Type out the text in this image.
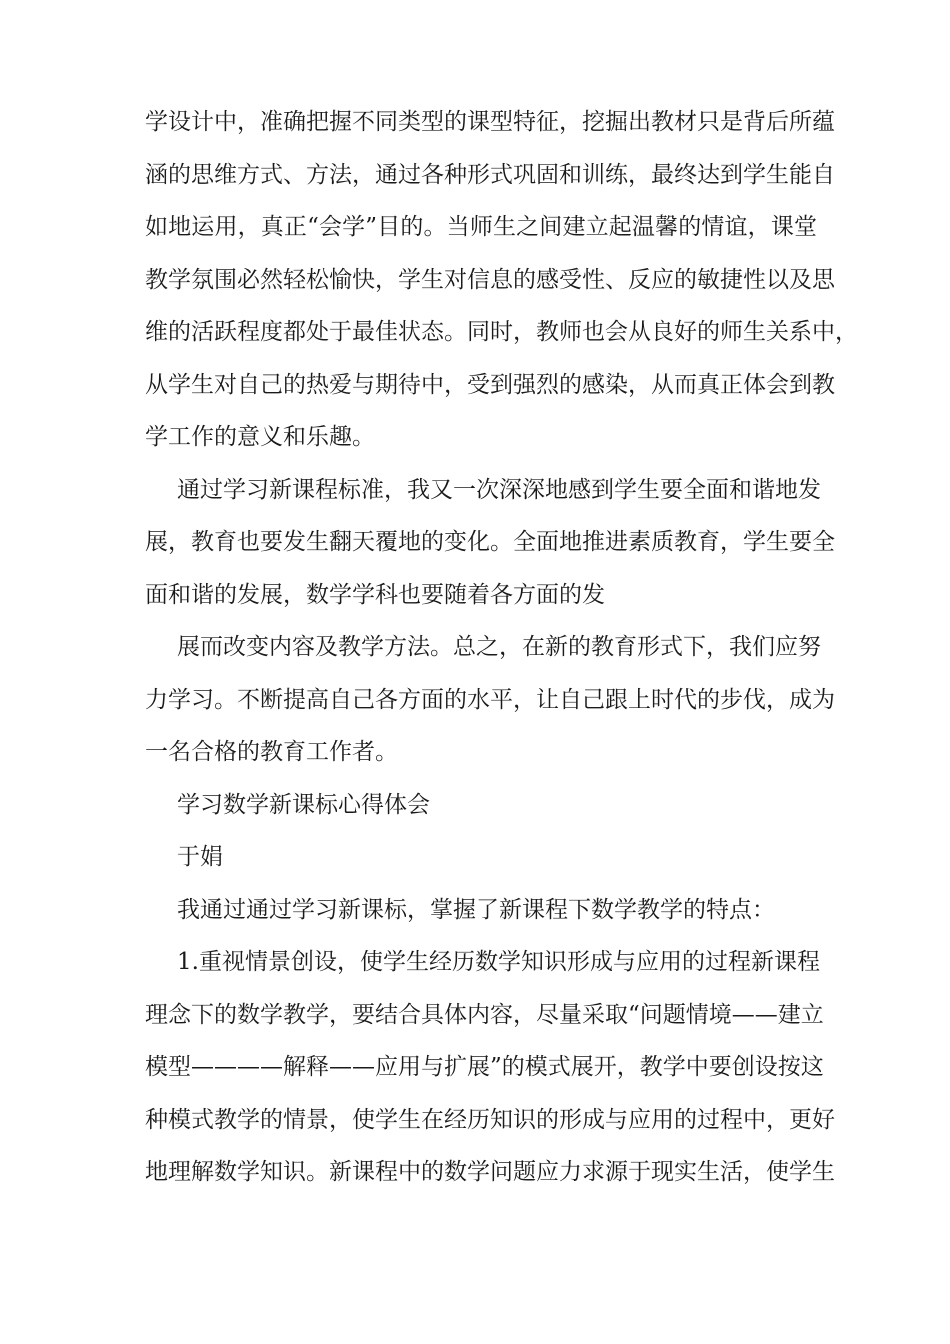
学设计中，准确把握不同类型的课型特征，挖掘出教材只是背后所蕴
涵的思维方式、方法，通过各种形式巩固和训练，最终达到学生能自
如地运用，真正“会学”目的。当师生之间建立起温馨的情谊，课堂
教学氛围必然轻松愉快，学生对信息的感受性、反应的敏捷性以及思
维的活跃程度都处于最佳状态。同时，教师也会从良好的师生关系中，
从学生对自己的热爱与期待中，受到强烈的感染，从而真正体会到教
学工作的意义和乐趣。
通过学习新课程标准，我又一次深深地感到学生要全面和谐地发
展，教育也要发生翻天覆地的变化。全面地推进素质教育，学生要全
面和谐的发展，数学学科也要随着各方面的发
展而改变内容及教学方法。总之，在新的教育形式下，我们应努
力学习。不断提高自己各方面的水平，让自己跟上时代的步伐，成为
一名合格的教育工作者。
学习数学新课标心得体会
于娟
我通过通过学习新课标，掌握了新课程下数学教学的特点：
1.重视情景创设，使学生经历数学知识形成与应用的过程新课程
理念下的数学教学，要结合具体内容，尽量采取“问题情境——建立
模型————解释——应用与扩展”的模式展开，教学中要创设按这
种模式教学的情景，使学生在经历知识的形成与应用的过程中，更好
地理解数学知识。新课程中的数学问题应力求源于现实生活，使学生
